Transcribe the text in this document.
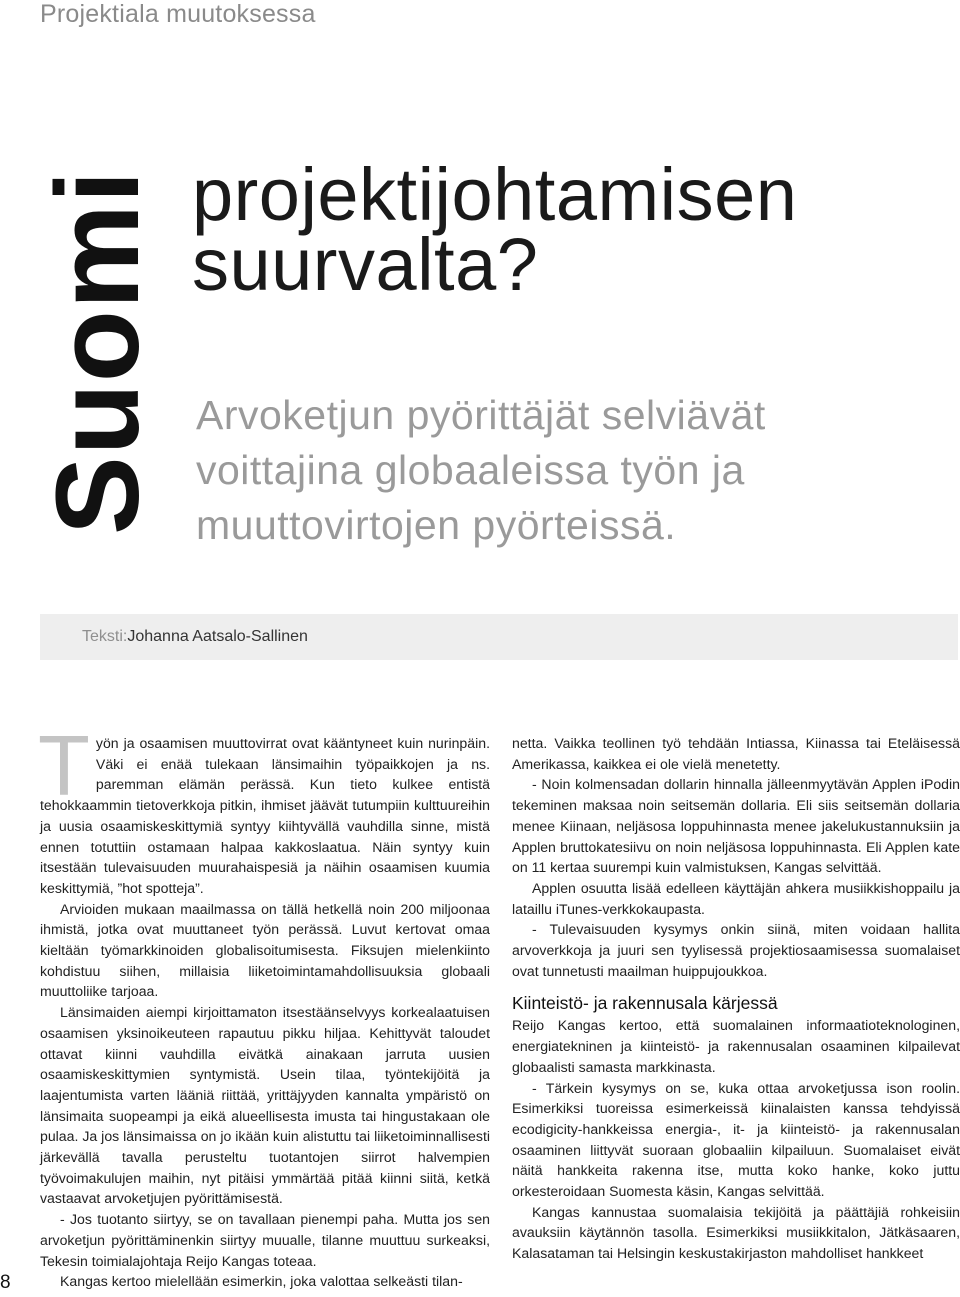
Projektiala muutoksessa
Suomi projektijohtamisen
suurvalta?
Arvoketjun pyörittäjät selviävät
voittajina globaaleissa työn ja
muuttovirtojen pyörteissä.
Teksti: Johanna Aatsalo-Sallinen

Työn ja osaamisen muuttovirrat ovat kääntyneet kuin nurinpäin. Väki ei enää tulekaan länsimaihin työpaikkojen ja ns. paremman elämän perässä. Kun tieto kulkee entistä tehokkaammin tietoverkkoja pitkin, ihmiset jäävät tutumpiin kulttuureihin ja uusia osaamiskeskittymiä syntyy kiihtyvällä vauhdilla sinne, mistä ennen totuttiin ostamaan halpaa kakkoslaatua. Näin syntyy kuin itsestään tulevaisuuden muurahaispesiä ja näihin osaamisen kuumia keskittymiä, ”hot spotteja”.

Arvioiden mukaan maailmassa on tällä hetkellä noin 200 miljoonaa ihmistä, jotka ovat muuttaneet työn perässä. Luvut kertovat omaa kieltään työmarkkinoiden globalisoitumisesta. Fiksujen mielenkiinto kohdistuu siihen, millaisia liiketoimintamahdollisuuksia globaali muuttoliike tarjoaa.

Länsimaiden aiempi kirjoittamaton itsestäänselvyys korkealaatuisen osaamisen yksinoikeuteen rapautuu pikku hiljaa. Kehittyvät taloudet ottavat kiinni vauhdilla eivätkä ainakaan jarruta uusien osaamiskeskittymien syntymistä. Usein tilaa, työntekijöitä ja laajentumista varten lääniä riittää, yrittäjyyden kannalta ympäristö on länsimaita suopeampi ja eikä alueellisesta imusta tai hingustakaan ole pulaa. Ja jos länsimaissa on jo ikään kuin alistuttu tai liiketoiminnallisesti järkevällä tavalla perusteltu tuotantojen siirrot halvempien työvoimakulujen maihin, nyt pitäisi ymmärtää pitää kiinni siitä, ketkä vastaavat arvoketjujen pyörittämisestä.

- Jos tuotanto siirtyy, se on tavallaan pienempi paha. Mutta jos sen arvoketjun pyörittäminenkin siirtyy muualle, tilanne muuttuu surkeaksi, Tekesin toimialajohtaja Reijo Kangas toteaa.

Kangas kertoo mielellään esimerkin, joka valottaa selkeästi tilan-

netta. Vaikka teollinen työ tehdään Intiassa, Kiinassa tai Eteläisessä Amerikassa, kaikkea ei ole vielä menetetty.

- Noin kolmensadan dollarin hinnalla jälleenmyytävän Applen iPodin tekeminen maksaa noin seitsemän dollaria. Eli siis seitsemän dollaria menee Kiinaan, neljäsosa loppuhinnasta menee jakelukustannuksiin ja Applen bruttokatesiivu on noin neljäsosa loppuhinnasta. Eli Applen kate on 11 kertaa suurempi kuin valmistuksen, Kangas selvittää.

Applen osuutta lisää edelleen käyttäjän ahkera musiikkishoppailu ja lataillu iTunes-verkkokaupasta.

- Tulevaisuuden kysymys onkin siinä, miten voidaan hallita arvoverkkoja ja juuri sen tyylisessä projektiosaamisessa suomalaiset ovat tunnetusti maailman huippujoukkoa.

Kiinteistö- ja rakennusala kärjessä

Reijo Kangas kertoo, että suomalainen informaatioteknologinen, energiatekninen ja kiinteistö- ja rakennusalan osaaminen kilpailevat globaalisti samasta markkinasta.

- Tärkein kysymys on se, kuka ottaa arvoketjussa ison roolin. Esimerkiksi tuoreissa esimerkeissä kiinalaisten kanssa tehdyissä ecodigicity-hankkeissa energia-, it- ja kiinteistö- ja rakennusalan osaaminen liittyvät suoraan globaaliin kilpailuun. Suomalaiset eivät näitä hankkeita rakenna itse, mutta koko hanke, koko juttu orkesteroidaan Suomesta käsin, Kangas selvittää.

Kangas kannustaa suomalaisia tekijöitä ja päättäjiä rohkeisiin avauksiin käytännön tasolla. Esimerkiksi musiikkitalon, Jätkäsaaren, Kalasataman tai Helsingin keskustakirjaston mahdolliset hankkeet

8
